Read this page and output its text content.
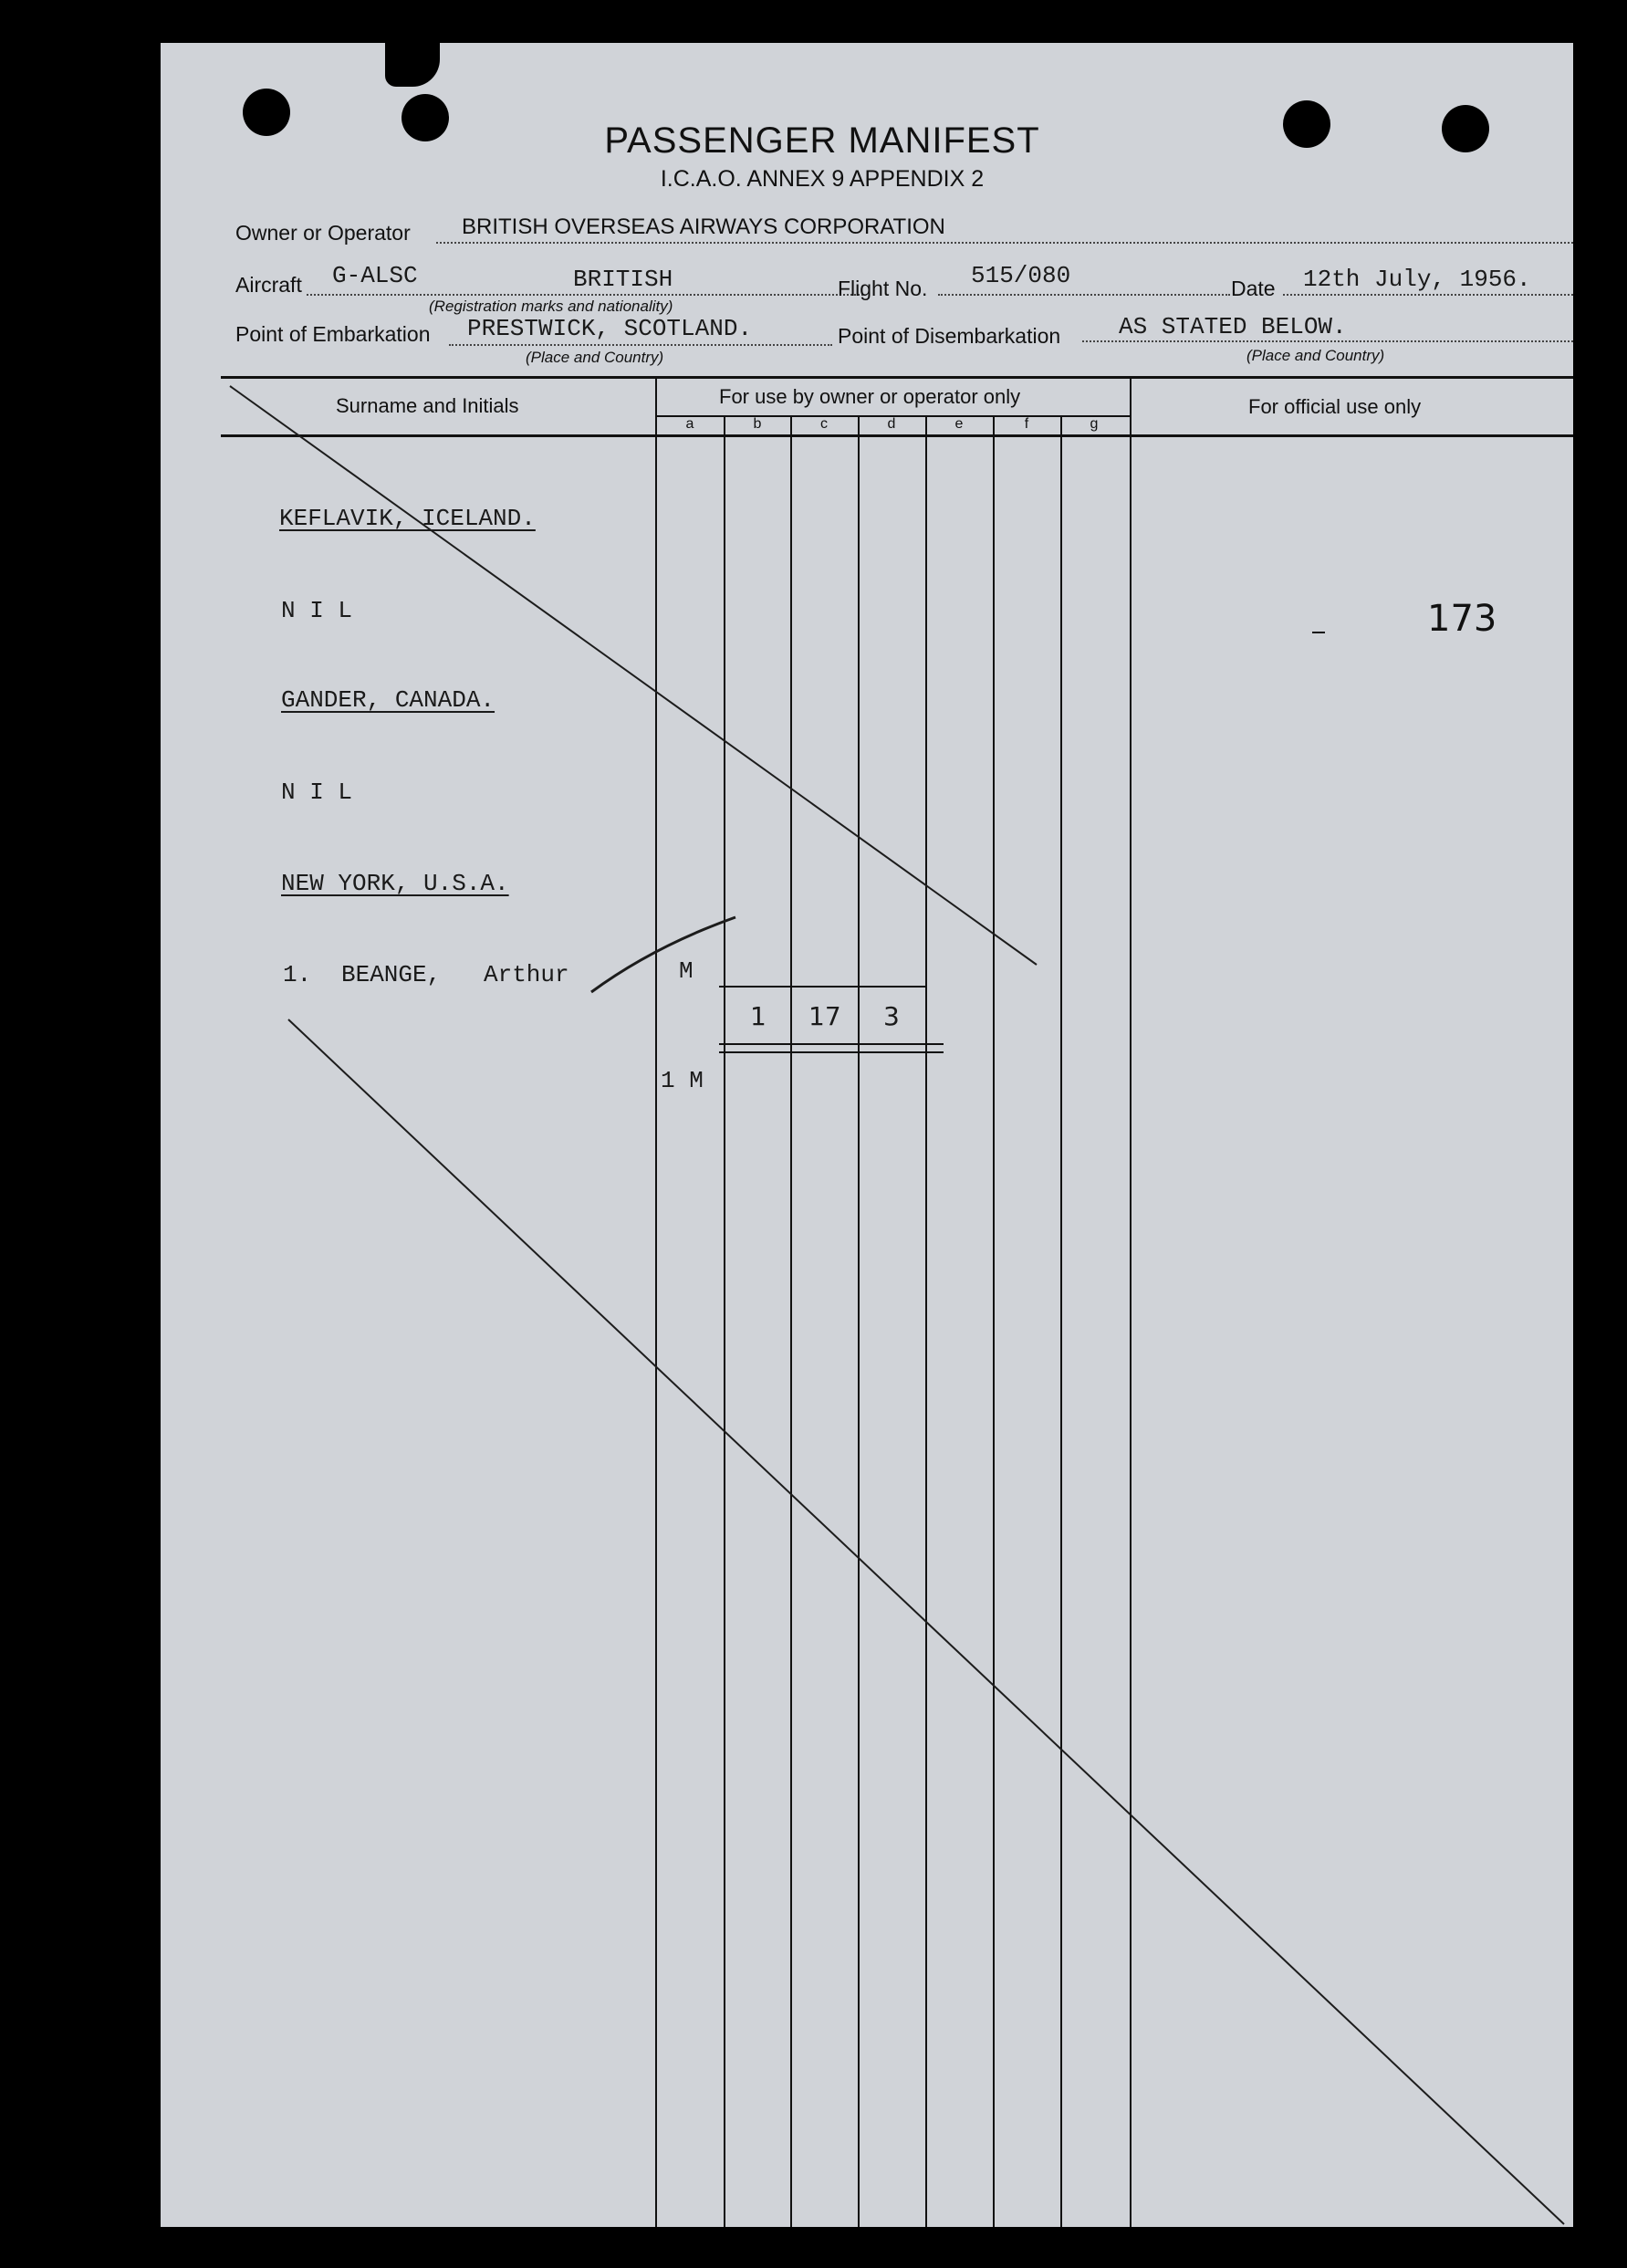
PASSENGER MANIFEST
I.C.A.O. ANNEX 9 APPENDIX 2
Owner or Operator BRITISH OVERSEAS AIRWAYS CORPORATION
Aircraft G-ALSC	BRITISH
(Registration marks and nationality)
Flight No. 515/080	Date 12th July, 1956.
Point of Embarkation PRESTWICK, SCOTLAND.
(Place and Country)
Point of Disembarkation AS STATED BELOW.
(Place and Country)
Surname and Initials	For use by owner or operator only	For official use only
a	b	c	d	e	f	g
KEFLAVIK, ICELAND.
N I L
GANDER, CANADA.
N I L
NEW YORK, U.S.A.
1. BEANGE, Arthur	M
1 17 3
1 M
173
